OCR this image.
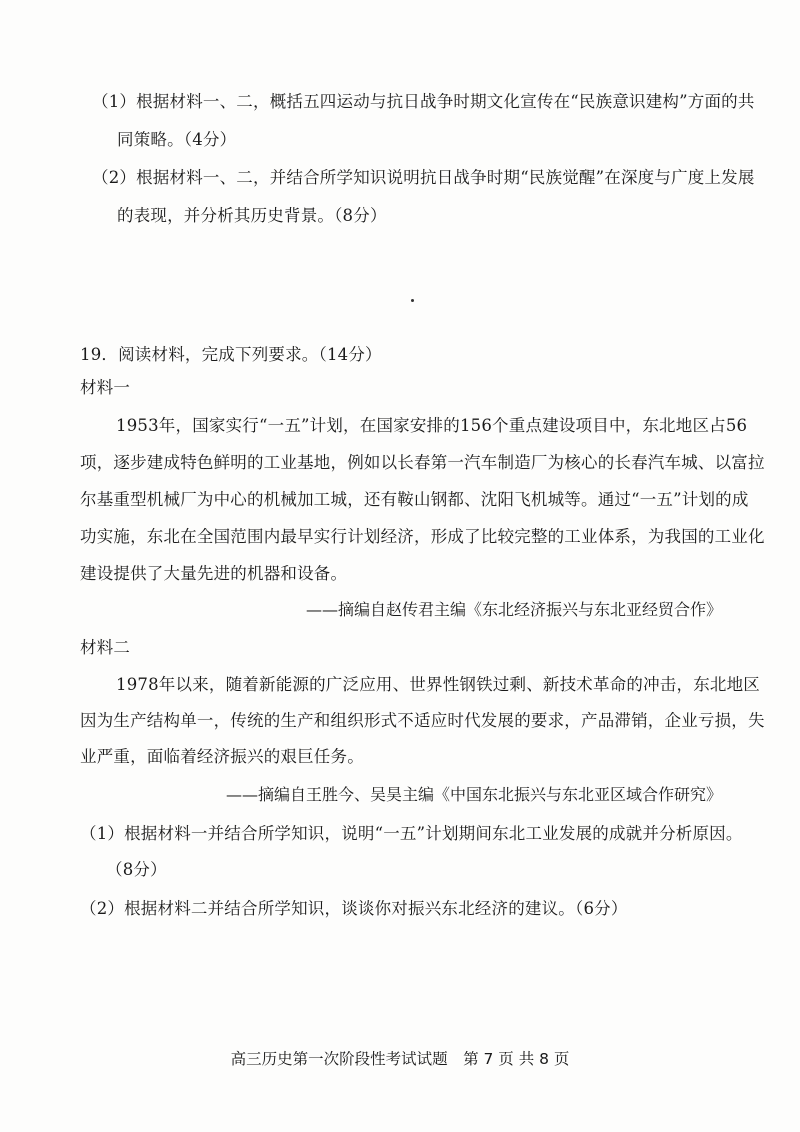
（1）根据材料一、二，概括五四运动与抗日战争时期文化宣传在“民族意识建构”方面的共
同策略。（4分）
（2）根据材料一、二，并结合所学知识说明抗日战争时期“民族觉醒”在深度与广度上发展
的表现，并分析其历史背景。（8分）
19．阅读材料，完成下列要求。（14分）
材料一
1953年，国家实行“一五”计划，在国家安排的156个重点建设项目中，东北地区占56
项，逐步建成特色鲜明的工业基地，例如以长春第一汽车制造厂为核心的长春汽车城、以富拉
尔基重型机械厂为中心的机械加工城，还有鞍山钢都、沈阳飞机城等。通过“一五”计划的成
功实施，东北在全国范围内最早实行计划经济，形成了比较完整的工业体系，为我国的工业化
建设提供了大量先进的机器和设备。
——摘编自赵传君主编《东北经济振兴与东北亚经贸合作》
材料二
1978年以来，随着新能源的广泛应用、世界性钢铁过剩、新技术革命的冲击，东北地区
因为生产结构单一，传统的生产和组织形式不适应时代发展的要求，产品滞销，企业亏损，失
业严重，面临着经济振兴的艰巨任务。
——摘编自王胜今、吴昊主编《中国东北振兴与东北亚区域合作研究》
（1）根据材料一并结合所学知识，说明“一五”计划期间东北工业发展的成就并分析原因。
（8分）
（2）根据材料二并结合所学知识，谈谈你对振兴东北经济的建议。（6分）
高三历史第一次阶段性考试试题　第 7 页 共 8 页
